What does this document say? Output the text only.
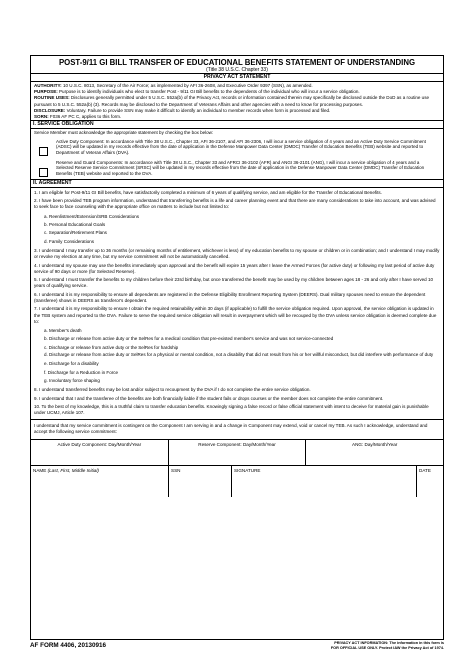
POST-9/11 GI BILL TRANSFER OF EDUCATIONAL BENEFITS STATEMENT OF UNDERSTANDING
(Title 38 U.S.C. Chapter 33)
PRIVACY ACT STATEMENT
AUTHORITY: 10 U.S.C. 8013, Secretary of the Air Force; as implemented by AFI 36-2608, and Executive Order 9397 (SSN), as amended.
PURPOSE: Purpose is to identify individuals who elect to transfer Post - 9/11 GI Bill benefits to the dependents of the individual who will incur a service obligation.
ROUTINE USES: Disclosures generally permitted under 5 U.S.C. 552a(b) of the Privacy Act, records or information contained therein may specifically be disclosed outside the DoD as a routine use pursuant to 5 U.S.C. 552a(b) (3). Records may be disclosed to the Department of Veterans Affairs and other agencies with a need to know for processing purposes.
DISCLOSURE: Voluntary. Failure to provide SSN may make it difficult to identify an individual to member records when form is processed and filed.
SORN: F036 AF PC C, applies to this form.
I. SERVICE OBLIGATION
Service Member must acknowledge the appropriate statement by checking the box below:
Active Duty Component: In accordance with Title 38 U.S.C., Chapter 33, AFI 36-2107, and AFI 36-2306, I will incur a service obligation of 4 years and an Active Duty Service Commitment (ADSC) will be updated in my records effective from the date of application in the Defense Manpower Data Center (DMDC) Transfer of Education Benefits (TEB) website and reported to Department of Veteran Affairs (DVA).
Reserve and Guard Components: In accordance with Title 38 U.S.C., Chapter 33 and AFRCI 36-2102 (AFR) and ANGI 36-2101 (ANG), I will incur a service obligation of 4 years and a Selected Reserve Service Commitment (SRSC) will be updated in my records effective from the date of application in the Defense Manpower Data Center (DMDC) Transfer of Education Benefits (TEB) website and reported to the DVA.
II. AGREEMENT

1. I am eligible for Post-9/11 GI Bill benefits, have satisfactorily completed a minimum of 6 years of qualifying service, and am eligible for the Transfer of Educational Benefits.

2. I have been provided TEB program information, understand that transferring benefits is a life and career planning event and that there are many considerations to take into account, and was advised to seek face to face counseling with the appropriate office on matters to include but not limited to:

a. Reenlistment/Extension/SRB Considerations
b. Personal Educational Goals
c. Separation/Retirement Plans
d. Family Considerations

3. I understand I may transfer up to 36 months (or remaining months of entitlement, whichever is less) of my education benefits to my spouse or children or in combination; and I understand I may modify or revoke my election at any time, but my service commitment will not be automatically cancelled.

4. I understand my spouse may use the benefits immediately upon approval and the benefit will expire 15 years after I leave the Armed Forces (for active duty) or following my last period of active duty service of 90 days or more (for Selected Reserve).

5. I understand I must transfer the benefits to my children before their 23rd birthday, but once transferred the benefit may be used by my children between ages 18 - 26 and only after I have served 10 years of qualifying service.

6. I understand it is my responsibility to ensure all dependents are registered in the Defense Eligibility Enrollment Reporting System (DEERS). Dual military spouses need to ensure the dependent (transferee) shows in DEERS as transferor's dependent.

7. I understand it is my responsibility to ensure I obtain the required retainability within 30 days (if applicable) to fulfill the service obligation required. Upon approval, the service obligation is updated in the TEB system and reported to the DVA. Failure to serve the required service obligation will result in overpayment which will be recouped by the DVA unless service obligation is deemed complete due to:

a. Member's death
b. Discharge or release from active duty or the SelRes for a medical condition that pre-existed member's service and was not service-connected
c. Discharge or release from active duty or the SelRes for hardship
d. Discharge or release from active duty or SelRes for a physical or mental condition, not a disability that did not result from his or her willful misconduct, but did interfere with performance of duty
e. Discharge for a disability
f. Discharge for a Reduction in Force
g. Involuntary force shaping

8. I understand transferred benefits may be lost and/or subject to recoupment by the DVA if I do not complete the entire service obligation.

9. I understand that I and the transferee of the benefits are both financially liable if the student fails or drops courses or the member does not complete the entire commitment.

10. To the best of my knowledge, this is a truthful claim to transfer education benefits. Knowingly signing a false record or false official statement with intent to deceive for material gain is punishable under UCMJ, Article 107.

I understand that my service commitment is contingent on the Component I am serving in and a change in Component may extend, void or cancel my TEB. As such I acknowledge, understand and accept the following service commitment:
Active Duty Component: Day/Month/Year	Reserve Component: Day/Month/Year	ANG: Day/Month/Year
NAME (Last, First, Middle Initial)	SSN	SIGNATURE	DATE
AF FORM 4406, 20130916	PRIVACY ACT INFORMATION: The information in this form is
FOR OFFICIAL USE ONLY. Protect IAW the Privacy Act of 1974.
